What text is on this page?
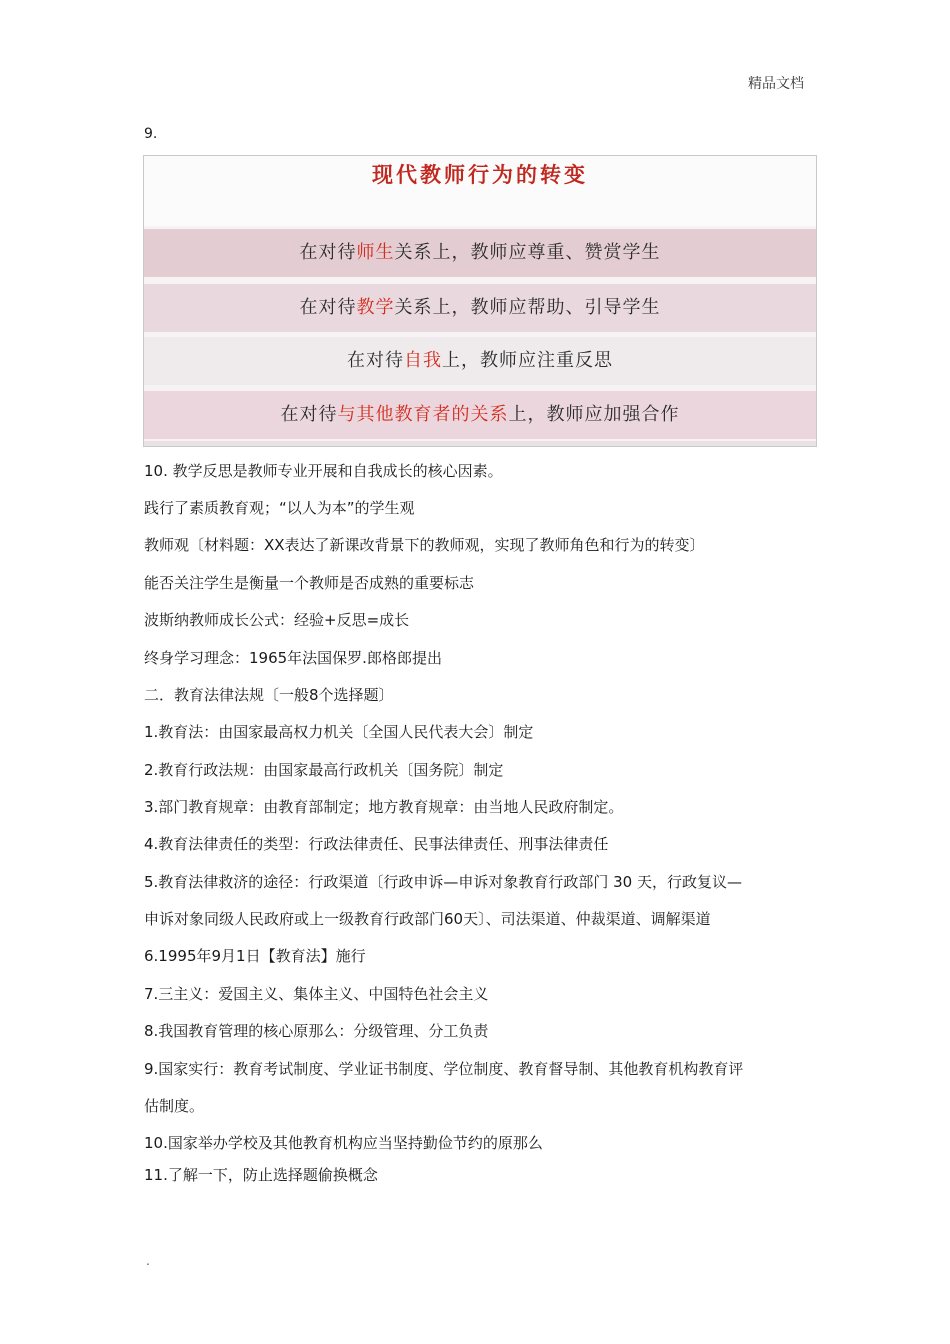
精品文档
9.
现代教师行为的转变
在对待师生关系上，教师应尊重、赞赏学生
在对待教学关系上，教师应帮助、引导学生
在对待自我上，教师应注重反思
在对待与其他教育者的关系上，教师应加强合作
10. 教学反思是教师专业开展和自我成长的核心因素。
践行了素质教育观；“以人为本”的学生观
教师观〔材料题：XX表达了新课改背景下的教师观，实现了教师角色和行为的转变〕
能否关注学生是衡量一个教师是否成熟的重要标志
波斯纳教师成长公式：经验+反思=成长
终身学习理念：1965年法国保罗.郎格郎提出
二．教育法律法规〔一般8个选择题〕
1.教育法：由国家最高权力机关〔全国人民代表大会〕制定
2.教育行政法规：由国家最高行政机关〔国务院〕制定
3.部门教育规章：由教育部制定；地方教育规章：由当地人民政府制定。
4.教育法律责任的类型：行政法律责任、民事法律责任、刑事法律责任
5.教育法律救济的途径：行政渠道〔行政申诉—申诉对象教育行政部门 30 天，行政复议—
申诉对象同级人民政府或上一级教育行政部门60天〕、司法渠道、仲裁渠道、调解渠道
6.1995年9月1日【教育法】施行
7.三主义：爱国主义、集体主义、中国特色社会主义
8.我国教育管理的核心原那么：分级管理、分工负责
9.国家实行：教育考试制度、学业证书制度、学位制度、教育督导制、其他教育机构教育评
估制度。
10.国家举办学校及其他教育机构应当坚持勤俭节约的原那么
11.了解一下，防止选择题偷换概念
.
